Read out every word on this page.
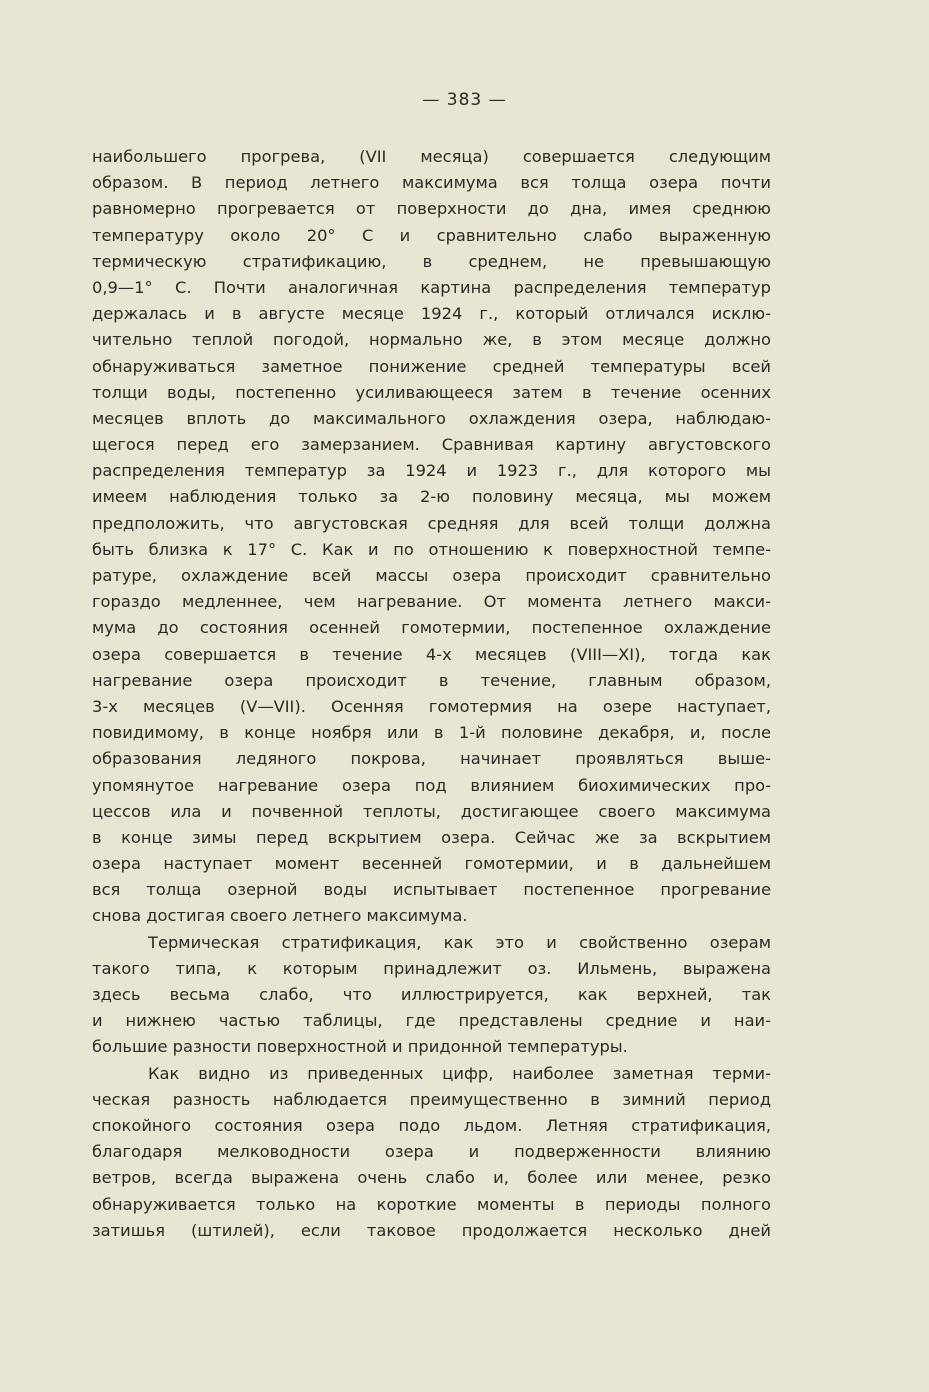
— 383 —
наибольшего прогрева, (VII месяца) совершается следующим
образом. В период летнего максимума вся толща озера почти
равномерно прогревается от поверхности до дна, имея среднюю
температуру около 20° С и сравнительно слабо выраженную
термическую стратификацию, в среднем, не превышающую
0,9—1° С. Почти аналогичная картина распределения температур
держалась и в августе месяце 1924 г., который отличался исклю-
чительно теплой погодой, нормально же, в этом месяце должно
обнаруживаться заметное понижение средней температуры всей
толщи воды, постепенно усиливающееся затем в течение осенних
месяцев вплоть до максимального охлаждения озера, наблюдаю-
щегося перед его замерзанием. Сравнивая картину августовского
распределения температур за 1924 и 1923 г., для которого мы
имеем наблюдения только за 2-ю половину месяца, мы можем
предположить, что августовская средняя для всей толщи должна
быть близка к 17° С. Как и по отношению к поверхностной темпе-
ратуре, охлаждение всей массы озера происходит сравнительно
гораздо медленнее, чем нагревание. От момента летнего макси-
мума до состояния осенней гомотермии, постепенное охлаждение
озера совершается в течение 4-х месяцев (VIII—XI), тогда как
нагревание озера происходит в течение, главным образом,
3-х месяцев (V—VII). Осенняя гомотермия на озере наступает,
повидимому, в конце ноября или в 1-й половине декабря, и, после
образования ледяного покрова, начинает проявляться выше-
упомянутое нагревание озера под влиянием биохимических про-
цессов ила и почвенной теплоты, достигающее своего максимума
в конце зимы перед вскрытием озера. Сейчас же за вскрытием
озера наступает момент весенней гомотермии, и в дальнейшем
вся толща озерной воды испытывает постепенное прогревание
снова достигая своего летнего максимума.
Термическая стратификация, как это и свойственно озерам
такого типа, к которым принадлежит оз. Ильмень, выражена
здесь весьма слабо, что иллюстрируется, как верхней, так
и нижнею частью таблицы, где представлены средние и наи-
большие разности поверхностной и придонной температуры.
Как видно из приведенных цифр, наиболее заметная терми-
ческая разность наблюдается преимущественно в зимний период
спокойного состояния озера подо льдом. Летняя стратификация,
благодаря мелководности озера и подверженности влиянию
ветров, всегда выражена очень слабо и, более или менее, резко
обнаруживается только на короткие моменты в периоды полного
затишья (штилей), если таковое продолжается несколько дней
